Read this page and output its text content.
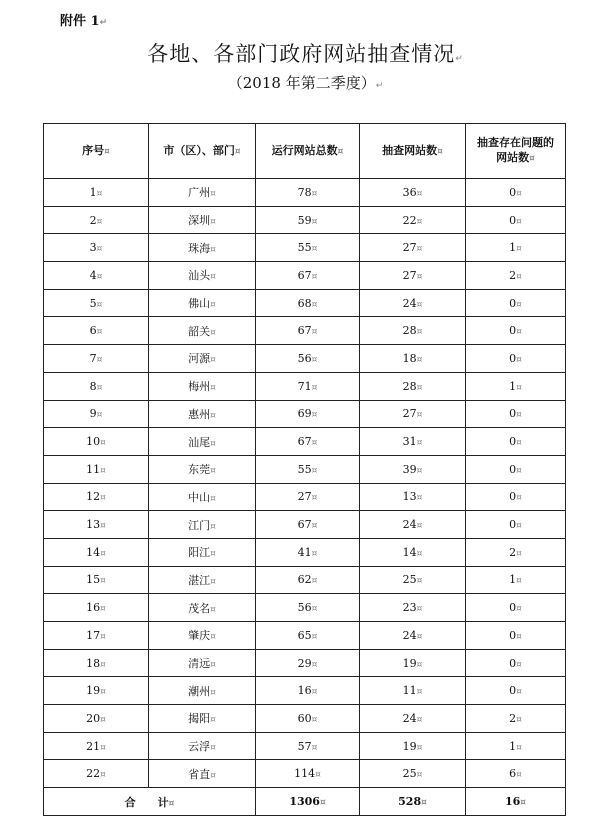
附件 1↵
各地、各部门政府网站抽查情况↵
（2018 年第二季度）↵
序号¤	市（区）、部门¤	运行网站总数¤	抽查网站数¤	抽查存在问题的网站数¤

1¤	广州¤	78¤	36¤	0¤
2¤	深圳¤	59¤	22¤	0¤
3¤	珠海¤	55¤	27¤	1¤
4¤	汕头¤	67¤	27¤	2¤
5¤	佛山¤	68¤	24¤	0¤
6¤	韶关¤	67¤	28¤	0¤
7¤	河源¤	56¤	18¤	0¤
8¤	梅州¤	71¤	28¤	1¤
9¤	惠州¤	69¤	27¤	0¤
10¤	汕尾¤	67¤	31¤	0¤
11¤	东莞¤	55¤	39¤	0¤
12¤	中山¤	27¤	13¤	0¤
13¤	江门¤	67¤	24¤	0¤
14¤	阳江¤	41¤	14¤	2¤
15¤	湛江¤	62¤	25¤	1¤
16¤	茂名¤	56¤	23¤	0¤
17¤	肇庆¤	65¤	24¤	0¤
18¤	清远¤	29¤	19¤	0¤
19¤	潮州¤	16¤	11¤	0¤
20¤	揭阳¤	60¤	24¤	2¤
21¤	云浮¤	57¤	19¤	1¤
22¤	省直¤	114¤	25¤	6¤
合　　计¤		1306¤	528¤	16¤
